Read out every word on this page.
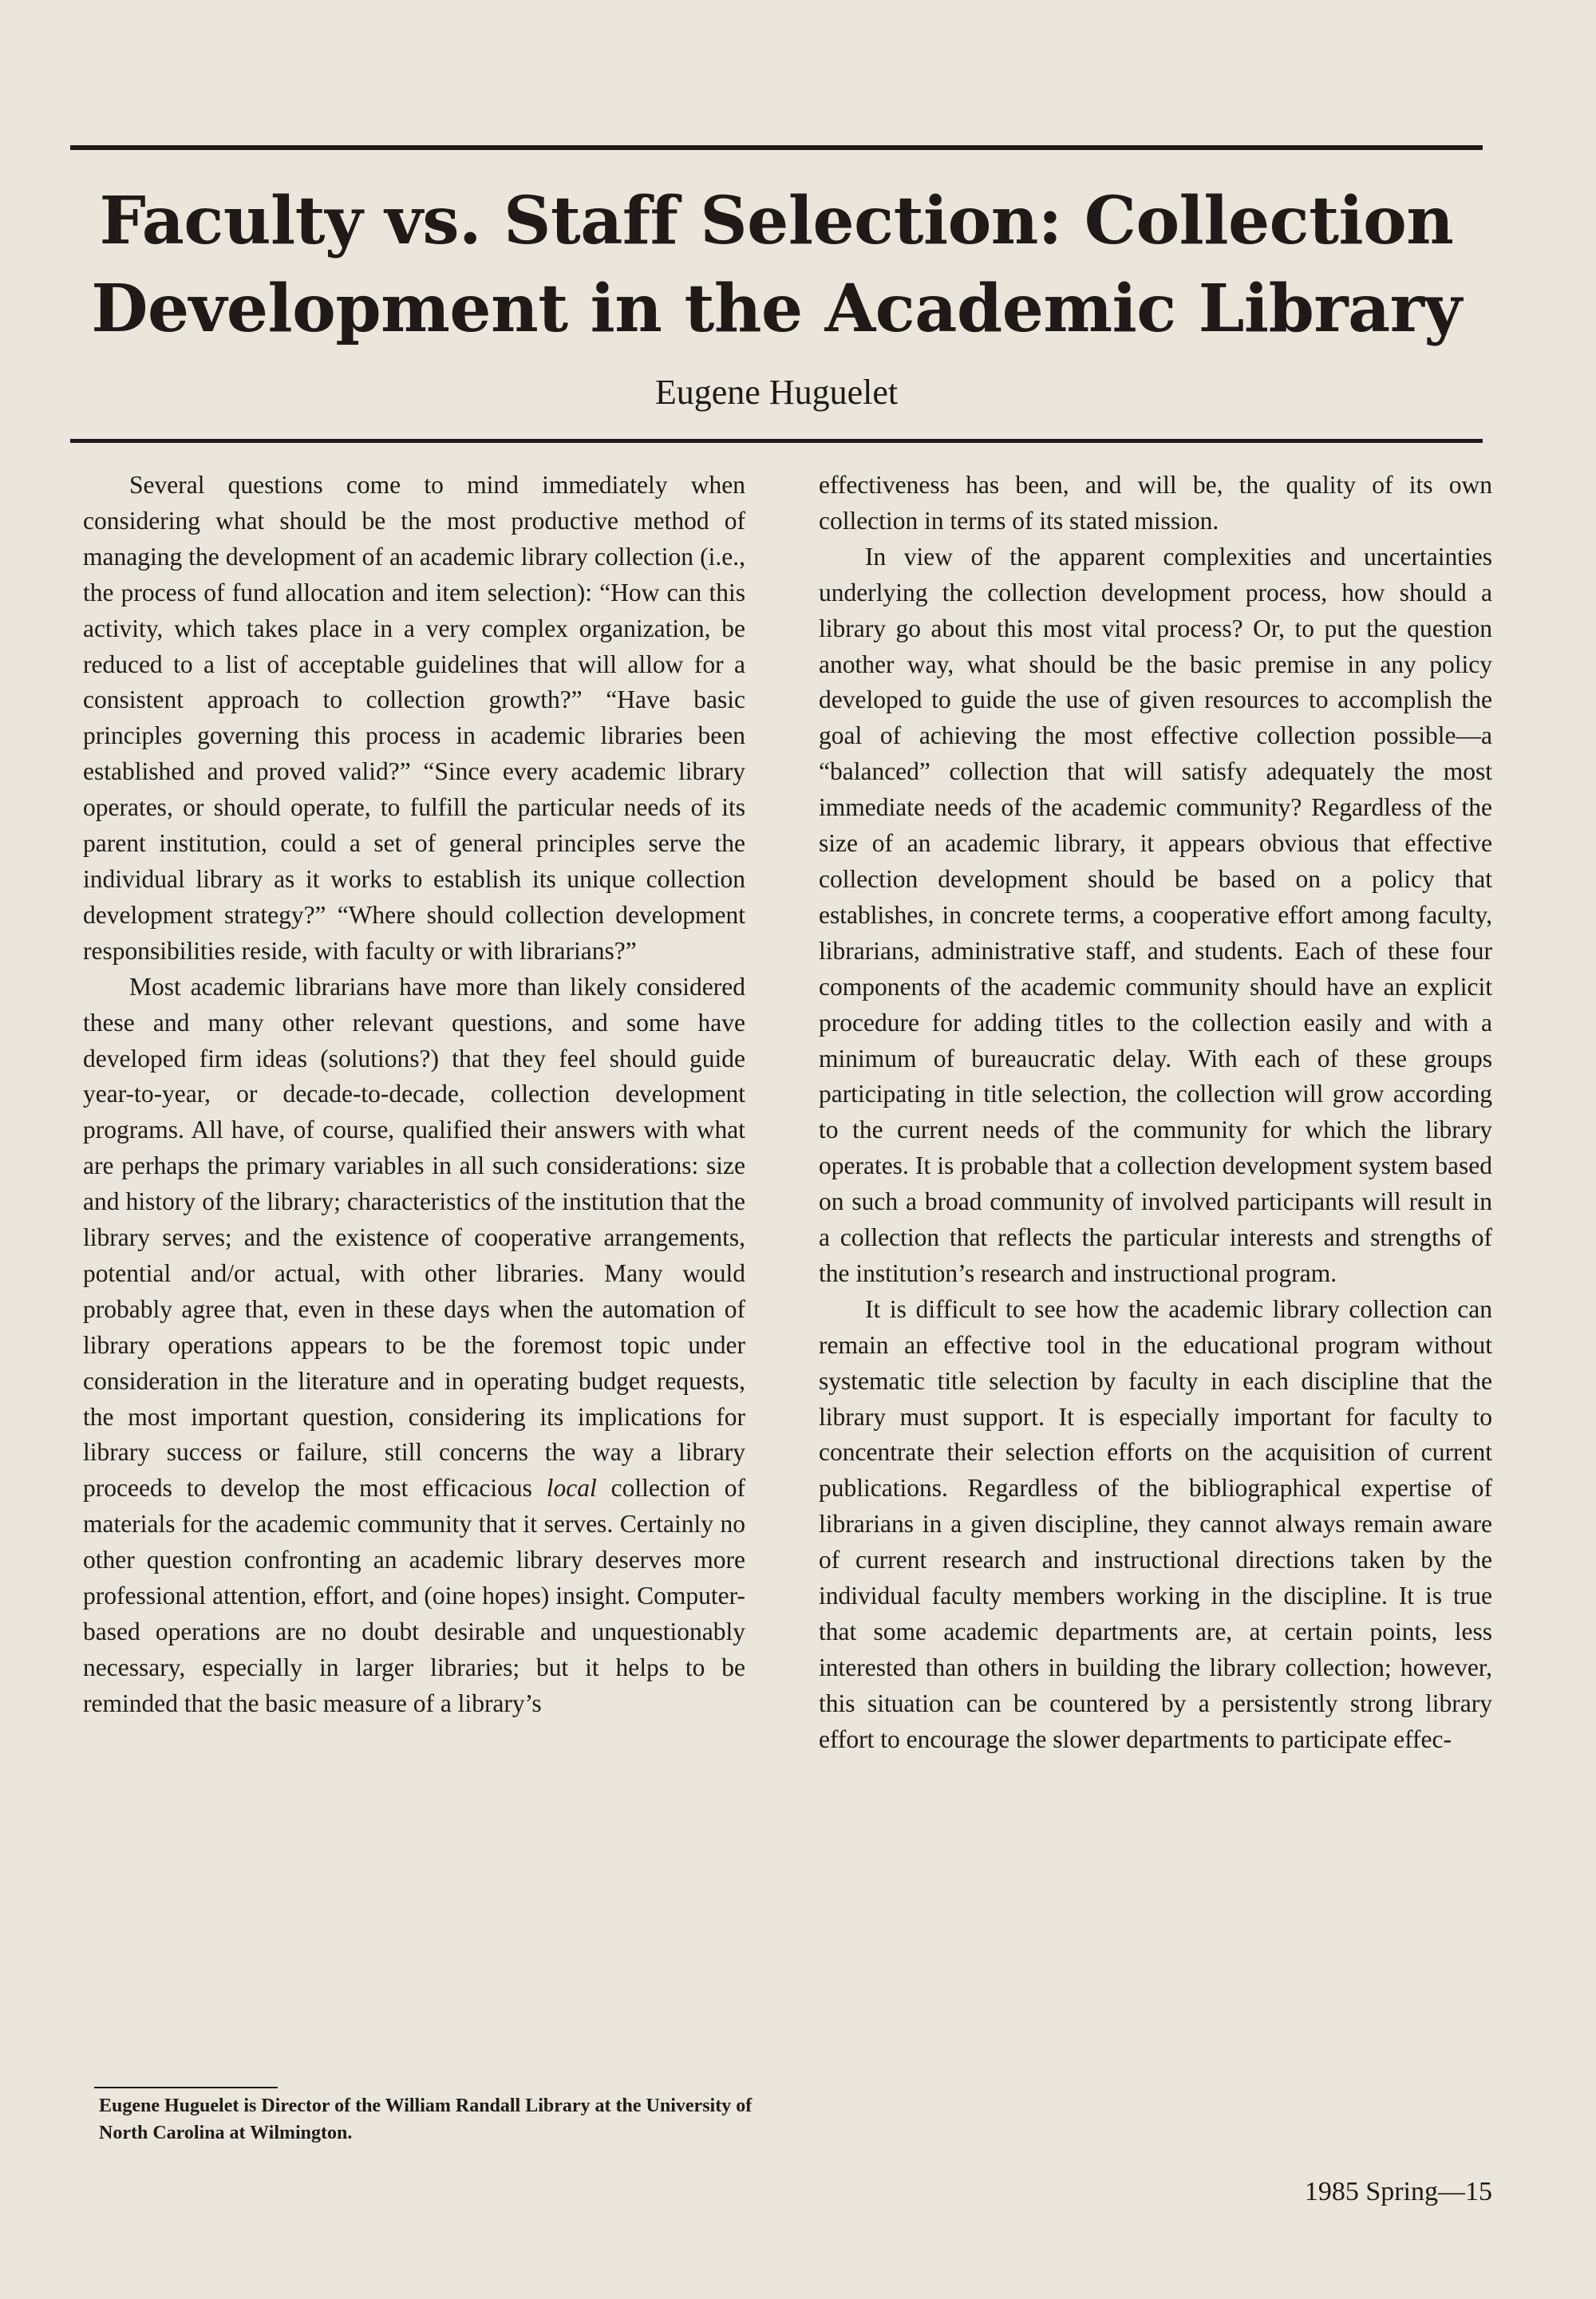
Faculty vs. Staff Selection: Collection
Development in the Academic Library
Eugene Huguelet

Several questions come to mind immediately when considering what should be the most productive method of managing the development of an academic library collection (i.e., the process of fund allocation and item selection): “How can this activity, which takes place in a very complex organization, be reduced to a list of acceptable guidelines that will allow for a consistent approach to collection growth?” “Have basic principles governing this process in academic libraries been established and proved valid?” “Since every academic library operates, or should operate, to fulfill the particular needs of its parent institution, could a set of general principles serve the individual library as it works to establish its unique collection development strategy?” “Where should collection development responsibilities reside, with faculty or with librarians?”

Most academic librarians have more than likely considered these and many other relevant questions, and some have developed firm ideas (solutions?) that they feel should guide year-to-year, or decade-to-decade, collection development programs. All have, of course, qualified their answers with what are perhaps the primary variables in all such considerations: size and history of the library; characteristics of the institution that the library serves; and the existence of cooperative arrangements, potential and/or actual, with other libraries. Many would probably agree that, even in these days when the automation of library operations appears to be the foremost topic under consideration in the literature and in operating budget requests, the most important question, considering its implications for library success or failure, still concerns the way a library proceeds to develop the most efficacious local collection of materials for the academic community that it serves. Certainly no other question confronting an academic library deserves more professional attention, effort, and (oine hopes) insight. Computer-based operations are no doubt desirable and unquestionably necessary, especially in larger libraries; but it helps to be reminded that the basic measure of a library’s

effectiveness has been, and will be, the quality of its own collection in terms of its stated mission.

In view of the apparent complexities and uncertainties underlying the collection development process, how should a library go about this most vital process? Or, to put the question another way, what should be the basic premise in any policy developed to guide the use of given resources to accomplish the goal of achieving the most effective collection possible—a “balanced” collection that will satisfy adequately the most immediate needs of the academic community? Regardless of the size of an academic library, it appears obvious that effective collection development should be based on a policy that establishes, in concrete terms, a cooperative effort among faculty, librarians, administrative staff, and students. Each of these four components of the academic community should have an explicit procedure for adding titles to the collection easily and with a minimum of bureaucratic delay. With each of these groups participating in title selection, the collection will grow according to the current needs of the community for which the library operates. It is probable that a collection development system based on such a broad community of involved participants will result in a collection that reflects the particular interests and strengths of the institution’s research and instructional program.

It is difficult to see how the academic library collection can remain an effective tool in the educational program without systematic title selection by faculty in each discipline that the library must support. It is especially important for faculty to concentrate their selection efforts on the acquisition of current publications. Regardless of the bibliographical expertise of librarians in a given discipline, they cannot always remain aware of current research and instructional directions taken by the individual faculty members working in the discipline. It is true that some academic departments are, at certain points, less interested than others in building the library collection; however, this situation can be countered by a persistently strong library effort to encourage the slower departments to participate effec-

Eugene Huguelet is Director of the William Randall Library at the University of North Carolina at Wilmington.
1985 Spring—15
